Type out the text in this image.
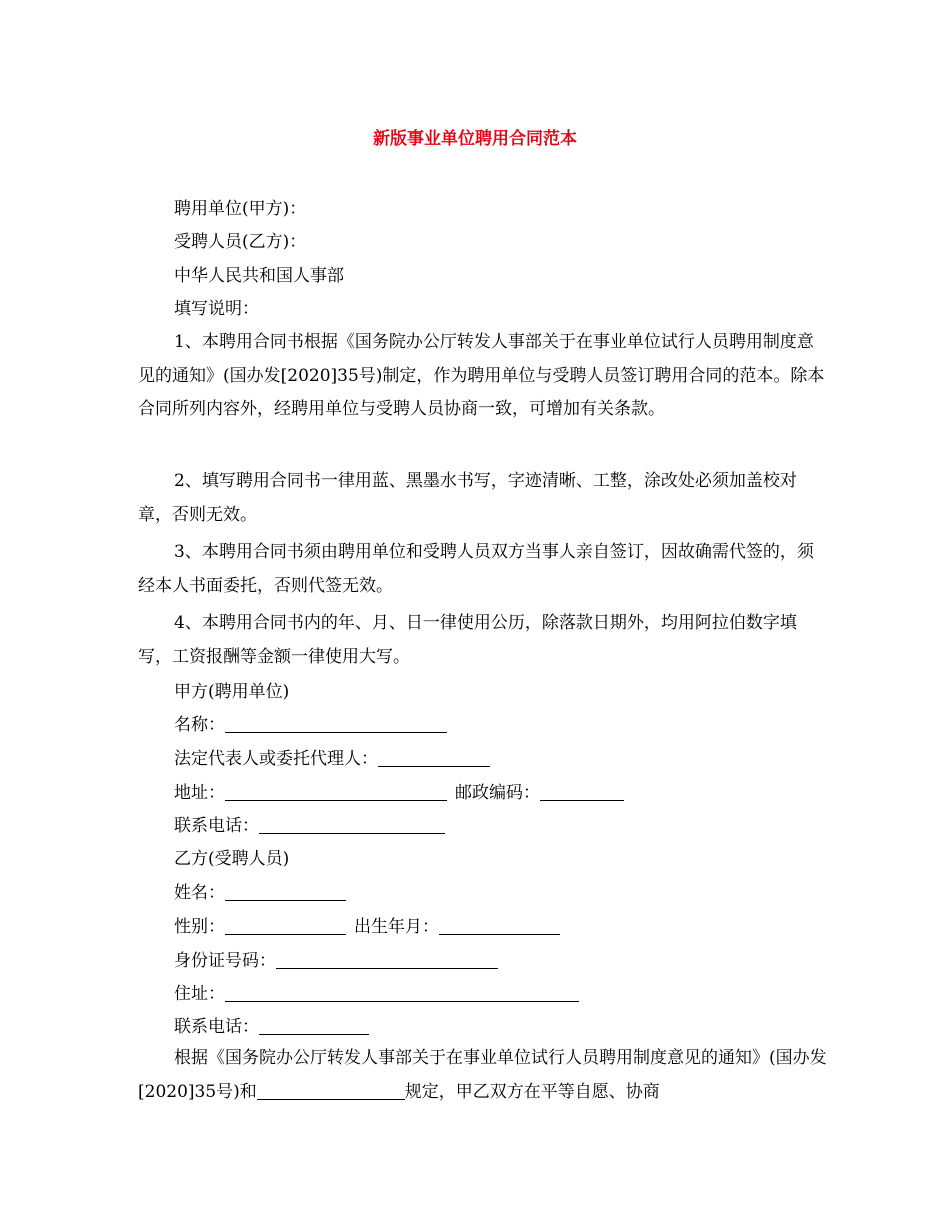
新版事业单位聘用合同范本

聘用单位(甲方)：

受聘人员(乙方)：

中华人民共和国人事部

填写说明：

1、本聘用合同书根据《国务院办公厅转发人事部关于在事业单位试行人员聘用制度意见的通知》(国办发[2020]35号)制定，作为聘用单位与受聘人员签订聘用合同的范本。除本合同所列内容外，经聘用单位与受聘人员协商一致，可增加有关条款。

2、填写聘用合同书一律用蓝、黑墨水书写，字迹清晰、工整，涂改处必须加盖校对章，否则无效。

3、本聘用合同书须由聘用单位和受聘人员双方当事人亲自签订，因故确需代签的，须经本人书面委托，否则代签无效。

4、本聘用合同书内的年、月、日一律使用公历，除落款日期外，均用阿拉伯数字填写，工资报酬等金额一律使用大写。

甲方(聘用单位)
名称：
法定代表人或委托代理人：
地址：	邮政编码：
联系电话：
乙方(受聘人员)
姓名：
性别：	出生年月：
身份证号码：
住址：
联系电话：

根据《国务院办公厅转发人事部关于在事业单位试行人员聘用制度意见的通知》(国办发[2020]35号)和	规定，甲乙双方在平等自愿、协商
